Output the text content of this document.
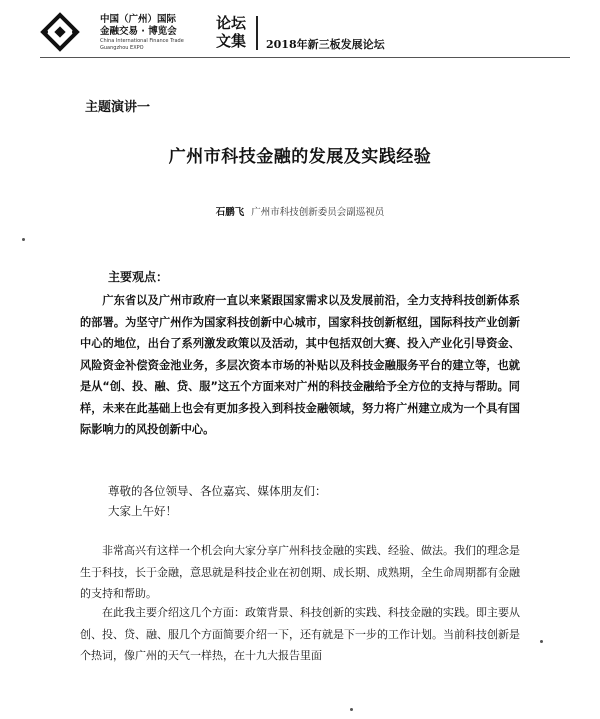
中国（广州）国际
金融交易 · 博览会
China International Finance Trade
Guangzhou EXPO
论坛
文集 2018年新三板发展论坛
主题演讲一
广州市科技金融的发展及实践经验
石鹏飞 广州市科技创新委员会副巡视员
主要观点：
广东省以及广州市政府一直以来紧跟国家需求以及发展前沿，全力支持科技创新体系的部署。为坚守广州作为国家科技创新中心城市，国家科技创新枢纽，国际科技产业创新中心的地位，出台了系列激发政策以及活动，其中包括双创大赛、投入产业化引导资金、风险资金补偿资金池业务，多层次资本市场的补贴以及科技金融服务平台的建立等，也就是从“创、投、融、贷、服”这五个方面来对广州的科技金融给予全方位的支持与帮助。同样，未来在此基础上也会有更加多投入到科技金融领域，努力将广州建立成为一个具有国际影响力的风投创新中心。
尊敬的各位领导、各位嘉宾、媒体朋友们：
大家上午好！
非常高兴有这样一个机会向大家分享广州科技金融的实践、经验、做法。我们的理念是生于科技，长于金融，意思就是科技企业在初创期、成长期、成熟期，全生命周期都有金融的支持和帮助。
在此我主要介绍这几个方面：政策背景、科技创新的实践、科技金融的实践。即主要从创、投、贷、融、服几个方面简要介绍一下，还有就是下一步的工作计划。当前科技创新是个热词，像广州的天气一样热，在十九大报告里面
